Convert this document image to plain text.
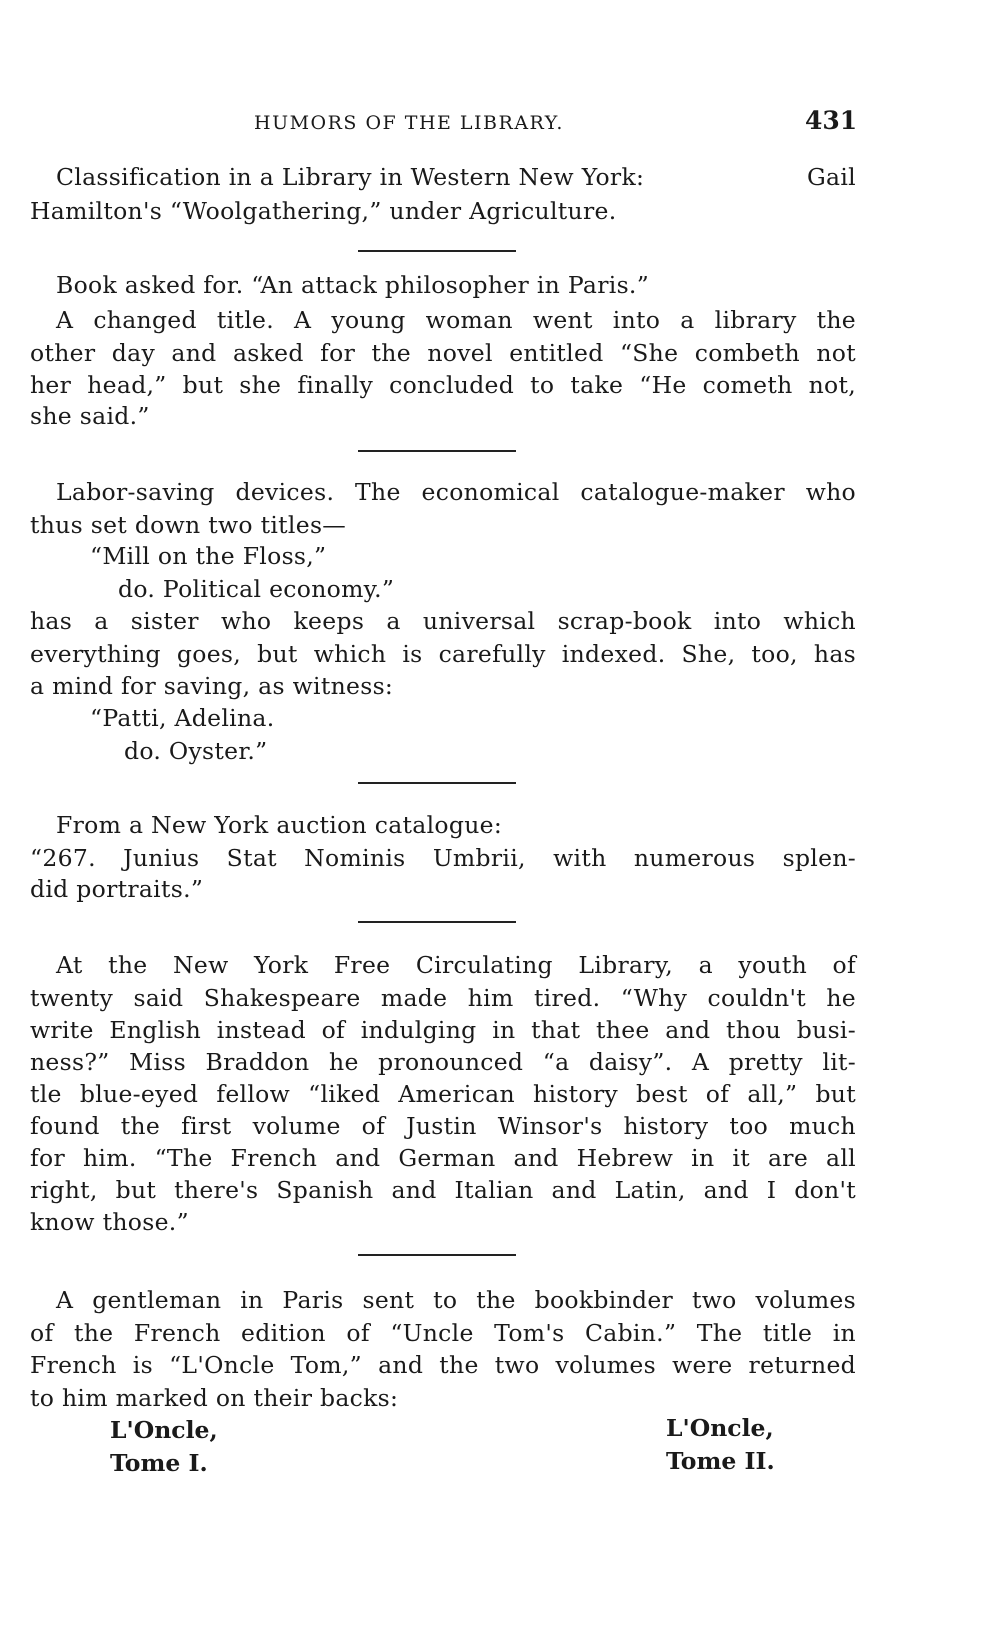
HUMORS OF THE LIBRARY.	431
Classification in a Library in Western New York:	Gail
Hamilton's “Woolgathering,” under Agriculture.
Book asked for. “An attack philosopher in Paris.”
A changed title. A young woman went into a library the
other day and asked for the novel entitled “She combeth not
her head,” but she finally concluded to take “He cometh not,
she said.”
Labor-saving devices. The economical catalogue-maker who
thus set down two titles—
“Mill on the Floss,”
do. Political economy.”
has a sister who keeps a universal scrap-book into which
everything goes, but which is carefully indexed. She, too, has
a mind for saving, as witness:
“Patti, Adelina.
do. Oyster.”
From a New York auction catalogue:
“267. Junius Stat Nominis Umbrii, with numerous splen-
did portraits.”
At the New York Free Circulating Library, a youth of
twenty said Shakespeare made him tired. “Why couldn't he
write English instead of indulging in that thee and thou busi-
ness?” Miss Braddon he pronounced “a daisy”. A pretty lit-
tle blue-eyed fellow “liked American history best of all,” but
found the first volume of Justin Winsor's history too much
for him. “The French and German and Hebrew in it are all
right, but there's Spanish and Italian and Latin, and I don't
know those.”
A gentleman in Paris sent to the bookbinder two volumes
of the French edition of “Uncle Tom's Cabin.” The title in
French is “L'Oncle Tom,” and the two volumes were returned
to him marked on their backs:
L'Oncle,
Tome I.
L'Oncle,
Tome II.
